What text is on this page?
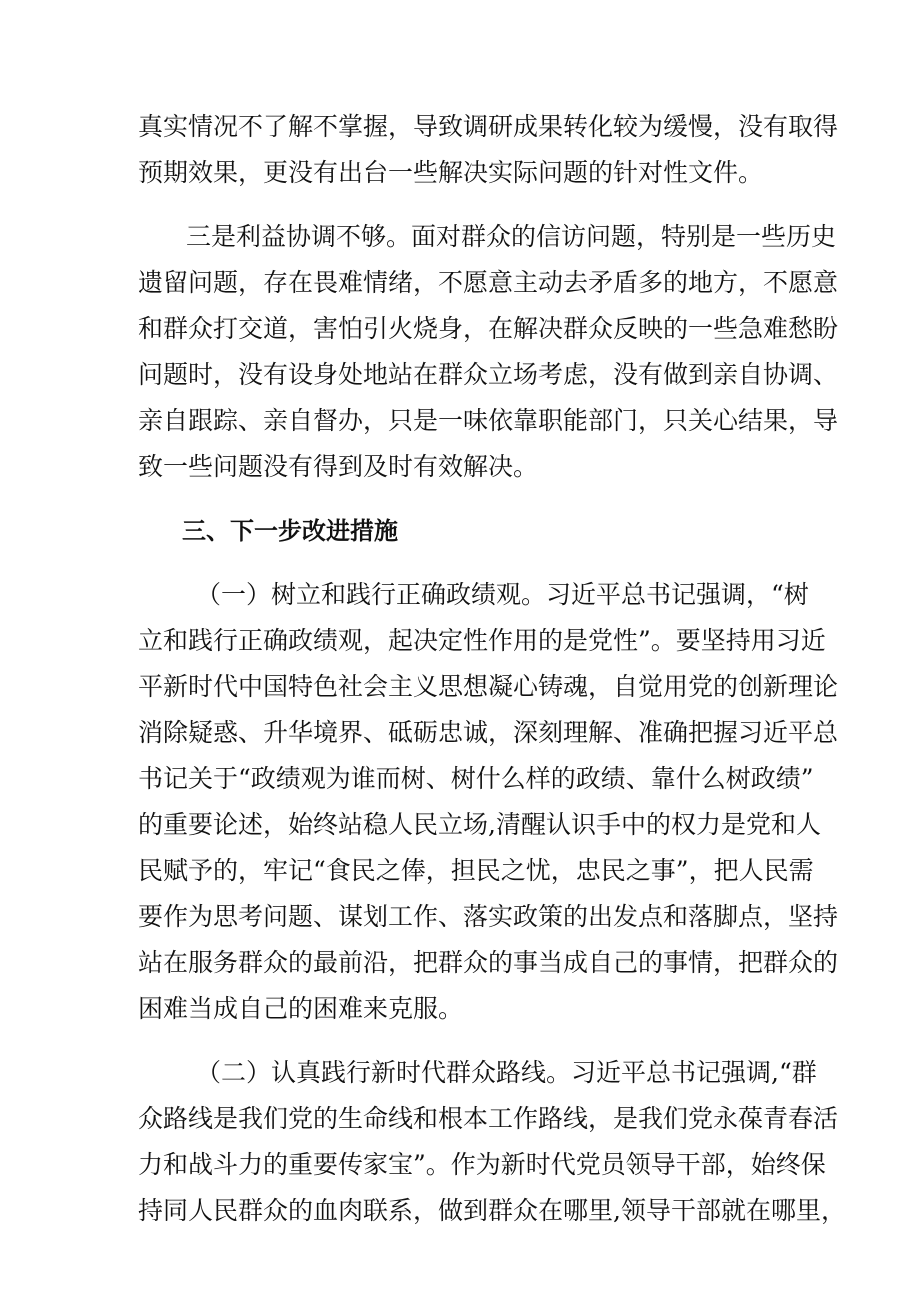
真实情况不了解不掌握，导致调研成果转化较为缓慢，没有取得
预期效果，更没有出台一些解决实际问题的针对性文件。
三是利益协调不够。面对群众的信访问题，特别是一些历史
遗留问题，存在畏难情绪，不愿意主动去矛盾多的地方，不愿意
和群众打交道，害怕引火烧身，在解决群众反映的一些急难愁盼
问题时，没有设身处地站在群众立场考虑，没有做到亲自协调、
亲自跟踪、亲自督办，只是一味依靠职能部门，只关心结果，导
致一些问题没有得到及时有效解决。
三、下一步改进措施
（一）树立和践行正确政绩观。习近平总书记强调，“树
立和践行正确政绩观，起决定性作用的是党性”。要坚持用习近
平新时代中国特色社会主义思想凝心铸魂，自觉用党的创新理论
消除疑惑、升华境界、砥砺忠诚，深刻理解、准确把握习近平总
书记关于“政绩观为谁而树、树什么样的政绩、靠什么树政绩”
的重要论述，始终站稳人民立场,清醒认识手中的权力是党和人
民赋予的，牢记“食民之俸，担民之忧，忠民之事”，把人民需
要作为思考问题、谋划工作、落实政策的出发点和落脚点，坚持
站在服务群众的最前沿，把群众的事当成自己的事情，把群众的
困难当成自己的困难来克服。
（二）认真践行新时代群众路线。习近平总书记强调,“群
众路线是我们党的生命线和根本工作路线，是我们党永葆青春活
力和战斗力的重要传家宝”。作为新时代党员领导干部，始终保
持同人民群众的血肉联系，做到群众在哪里,领导干部就在哪里，
